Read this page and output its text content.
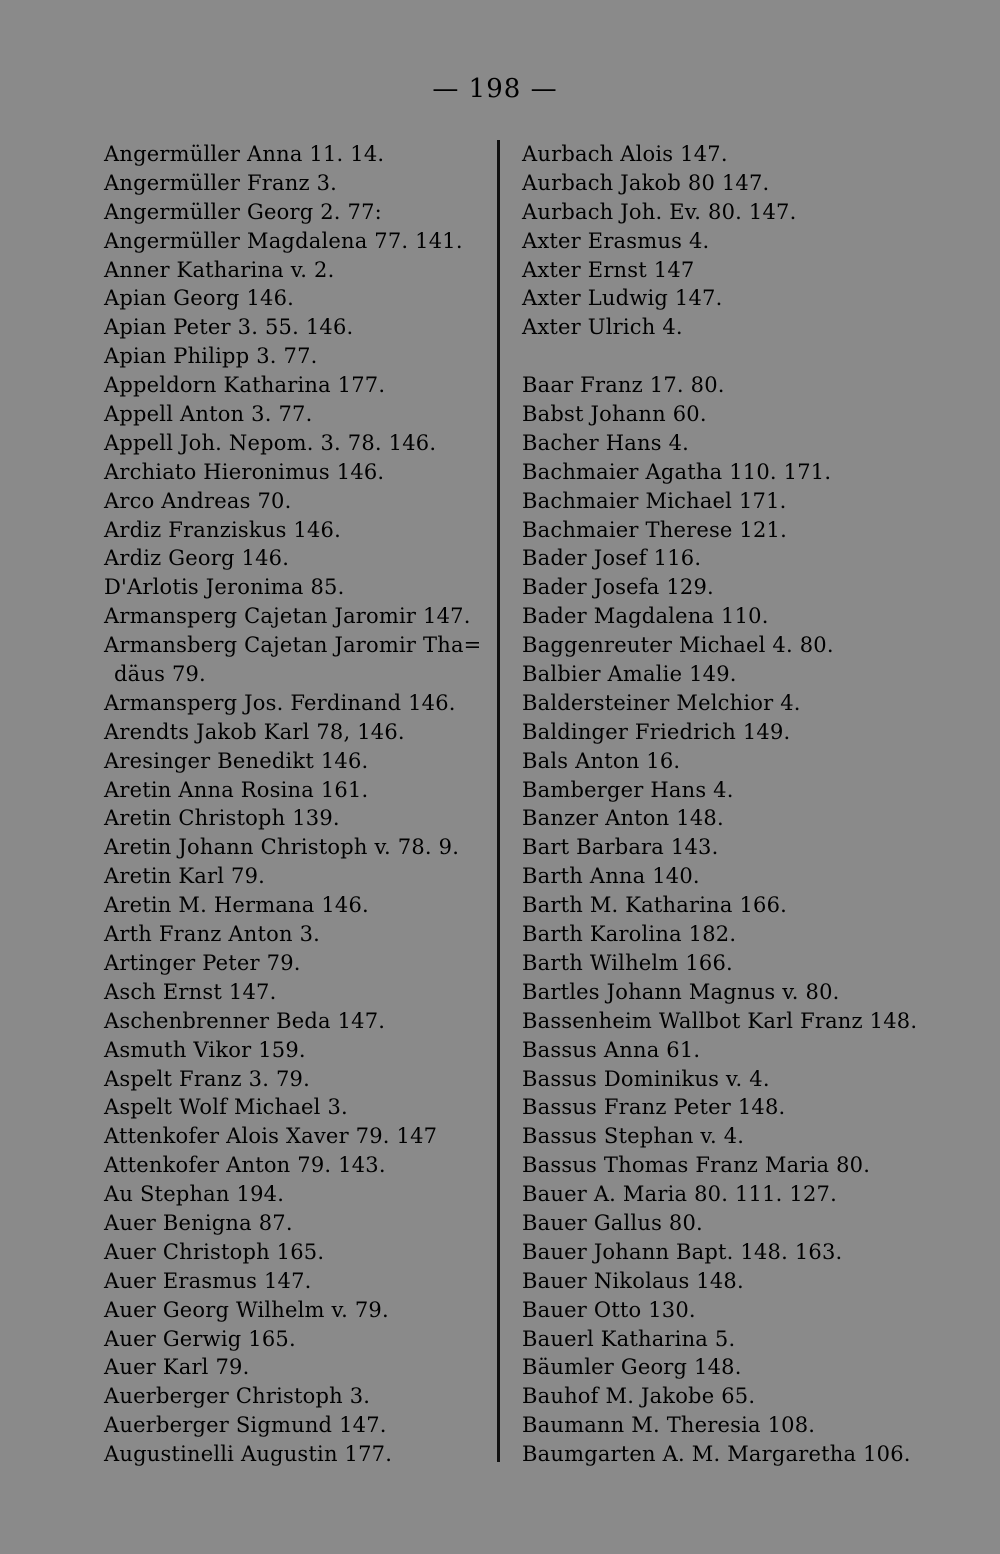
— 198 —
Angermüller Anna 11. 14.
Angermüller Franz 3.
Angermüller Georg 2. 77:
Angermüller Magdalena 77. 141.
Anner Katharina v. 2.
Apian Georg 146.
Apian Peter 3. 55. 146.
Apian Philipp 3. 77.
Appeldorn Katharina 177.
Appell Anton 3. 77.
Appell Joh. Nepom. 3. 78. 146.
Archiato Hieronimus 146.
Arco Andreas 70.
Ardiz Franziskus 146.
Ardiz Georg 146.
D'Arlotis Jeronima 85.
Armansperg Cajetan Jaromir 147.
Armansberg Cajetan Jaromir Tha=
däus 79.
Armansperg Jos. Ferdinand 146.
Arendts Jakob Karl 78, 146.
Aresinger Benedikt 146.
Aretin Anna Rosina 161.
Aretin Christoph 139.
Aretin Johann Christoph v. 78. 9.
Aretin Karl 79.
Aretin M. Hermana 146.
Arth Franz Anton 3.
Artinger Peter 79.
Asch Ernst 147.
Aschenbrenner Beda 147.
Asmuth Vikor 159.
Aspelt Franz 3. 79.
Aspelt Wolf Michael 3.
Attenkofer Alois Xaver 79. 147
Attenkofer Anton 79. 143.
Au Stephan 194.
Auer Benigna 87.
Auer Christoph 165.
Auer Erasmus 147.
Auer Georg Wilhelm v. 79.
Auer Gerwig 165.
Auer Karl 79.
Auerberger Christoph 3.
Auerberger Sigmund 147.
Augustinelli Augustin 177.
Aurbach Alois 147.
Aurbach Jakob 80 147.
Aurbach Joh. Ev. 80. 147.
Axter Erasmus 4.
Axter Ernst 147
Axter Ludwig 147.
Axter Ulrich 4.
Baar Franz 17. 80.
Babst Johann 60.
Bacher Hans 4.
Bachmaier Agatha 110. 171.
Bachmaier Michael 171.
Bachmaier Therese 121.
Bader Josef 116.
Bader Josefa 129.
Bader Magdalena 110.
Baggenreuter Michael 4. 80.
Balbier Amalie 149.
Baldersteiner Melchior 4.
Baldinger Friedrich 149.
Bals Anton 16.
Bamberger Hans 4.
Banzer Anton 148.
Bart Barbara 143.
Barth Anna 140.
Barth M. Katharina 166.
Barth Karolina 182.
Barth Wilhelm 166.
Bartles Johann Magnus v. 80.
Bassenheim Wallbot Karl Franz 148.
Bassus Anna 61.
Bassus Dominikus v. 4.
Bassus Franz Peter 148.
Bassus Stephan v. 4.
Bassus Thomas Franz Maria 80.
Bauer A. Maria 80. 111. 127.
Bauer Gallus 80.
Bauer Johann Bapt. 148. 163.
Bauer Nikolaus 148.
Bauer Otto 130.
Bauerl Katharina 5.
Bäumler Georg 148.
Bauhof M. Jakobe 65.
Baumann M. Theresia 108.
Baumgarten A. M. Margaretha 106.
